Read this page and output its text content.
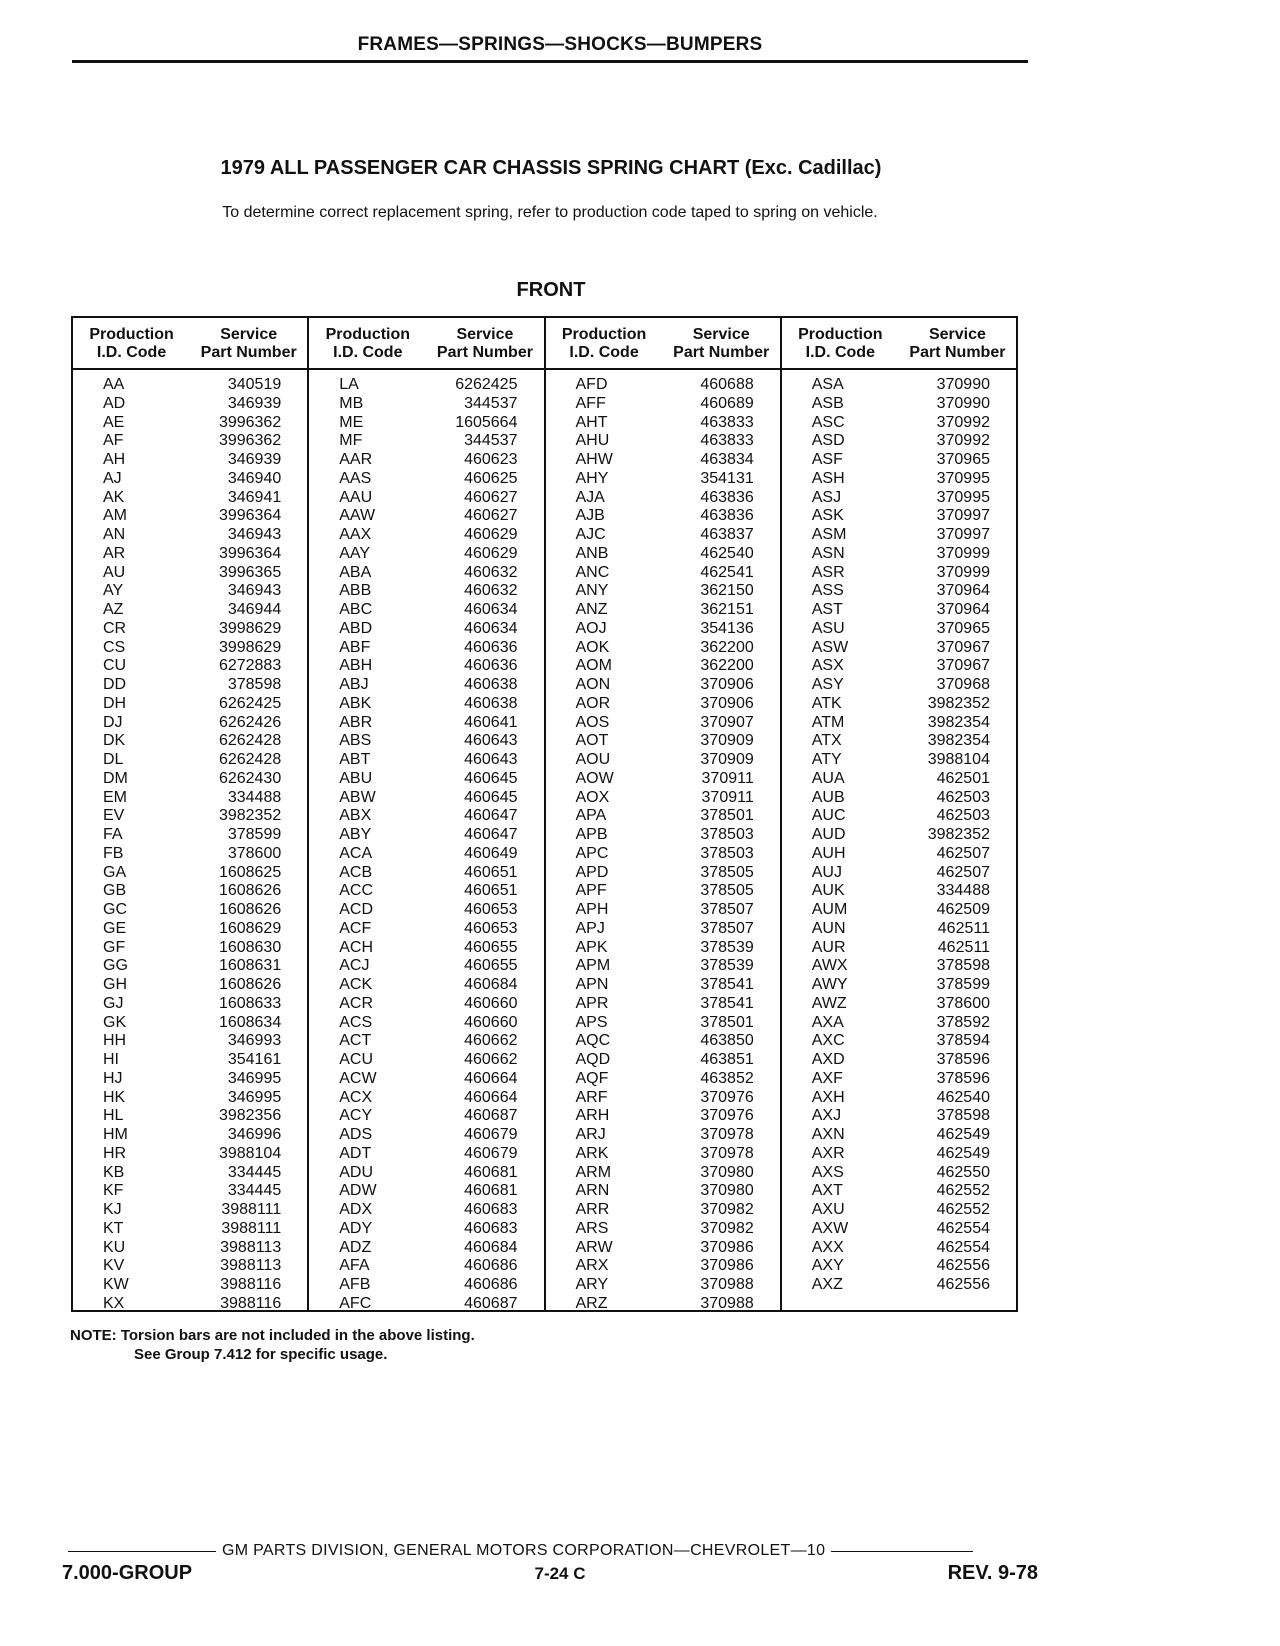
FRAMES—SPRINGS—SHOCKS—BUMPERS
1979 ALL PASSENGER CAR CHASSIS SPRING CHART (Exc. Cadillac)
To determine correct replacement spring, refer to production code taped to spring on vehicle.
FRONT
Production
I.D. Code
Service
Part Number
AA	340519
AD	346939
AE	3996362
AF	3996362
AH	346939
AJ	346940
AK	346941
AM	3996364
AN	346943
AR	3996364
AU	3996365
AY	346943
AZ	346944
CR	3998629
CS	3998629
CU	6272883
DD	378598
DH	6262425
DJ	6262426
DK	6262428
DL	6262428
DM	6262430
EM	334488
EV	3982352
FA	378599
FB	378600
GA	1608625
GB	1608626
GC	1608626
GE	1608629
GF	1608630
GG	1608631
GH	1608626
GJ	1608633
GK	1608634
HH	346993
HI	354161
HJ	346995
HK	346995
HL	3982356
HM	346996
HR	3988104
KB	334445
KF	334445
KJ	3988111
KT	3988111
KU	3988113
KV	3988113
KW	3988116
KX	3988116
Production
I.D. Code
Service
Part Number
LA	6262425
MB	344537
ME	1605664
MF	344537
AAR	460623
AAS	460625
AAU	460627
AAW	460627
AAX	460629
AAY	460629
ABA	460632
ABB	460632
ABC	460634
ABD	460634
ABF	460636
ABH	460636
ABJ	460638
ABK	460638
ABR	460641
ABS	460643
ABT	460643
ABU	460645
ABW	460645
ABX	460647
ABY	460647
ACA	460649
ACB	460651
ACC	460651
ACD	460653
ACF	460653
ACH	460655
ACJ	460655
ACK	460684
ACR	460660
ACS	460660
ACT	460662
ACU	460662
ACW	460664
ACX	460664
ACY	460687
ADS	460679
ADT	460679
ADU	460681
ADW	460681
ADX	460683
ADY	460683
ADZ	460684
AFA	460686
AFB	460686
AFC	460687
Production
I.D. Code
Service
Part Number
AFD	460688
AFF	460689
AHT	463833
AHU	463833
AHW	463834
AHY	354131
AJA	463836
AJB	463836
AJC	463837
ANB	462540
ANC	462541
ANY	362150
ANZ	362151
AOJ	354136
AOK	362200
AOM	362200
AON	370906
AOR	370906
AOS	370907
AOT	370909
AOU	370909
AOW	370911
AOX	370911
APA	378501
APB	378503
APC	378503
APD	378505
APF	378505
APH	378507
APJ	378507
APK	378539
APM	378539
APN	378541
APR	378541
APS	378501
AQC	463850
AQD	463851
AQF	463852
ARF	370976
ARH	370976
ARJ	370978
ARK	370978
ARM	370980
ARN	370980
ARR	370982
ARS	370982
ARW	370986
ARX	370986
ARY	370988
ARZ	370988
Production
I.D. Code
Service
Part Number
ASA	370990
ASB	370990
ASC	370992
ASD	370992
ASF	370965
ASH	370995
ASJ	370995
ASK	370997
ASM	370997
ASN	370999
ASR	370999
ASS	370964
AST	370964
ASU	370965
ASW	370967
ASX	370967
ASY	370968
ATK	3982352
ATM	3982354
ATX	3982354
ATY	3988104
AUA	462501
AUB	462503
AUC	462503
AUD	3982352
AUH	462507
AUJ	462507
AUK	334488
AUM	462509
AUN	462511
AUR	462511
AWX	378598
AWY	378599
AWZ	378600
AXA	378592
AXC	378594
AXD	378596
AXF	378596
AXH	462540
AXJ	378598
AXN	462549
AXR	462549
AXS	462550
AXT	462552
AXU	462552
AXW	462554
AXX	462554
AXY	462556
AXZ	462556
NOTE: Torsion bars are not included in the above listing.
See Group 7.412 for specific usage.
GM PARTS DIVISION, GENERAL MOTORS CORPORATION—CHEVROLET—10
7.000-GROUP	7-24 C	REV. 9-78
